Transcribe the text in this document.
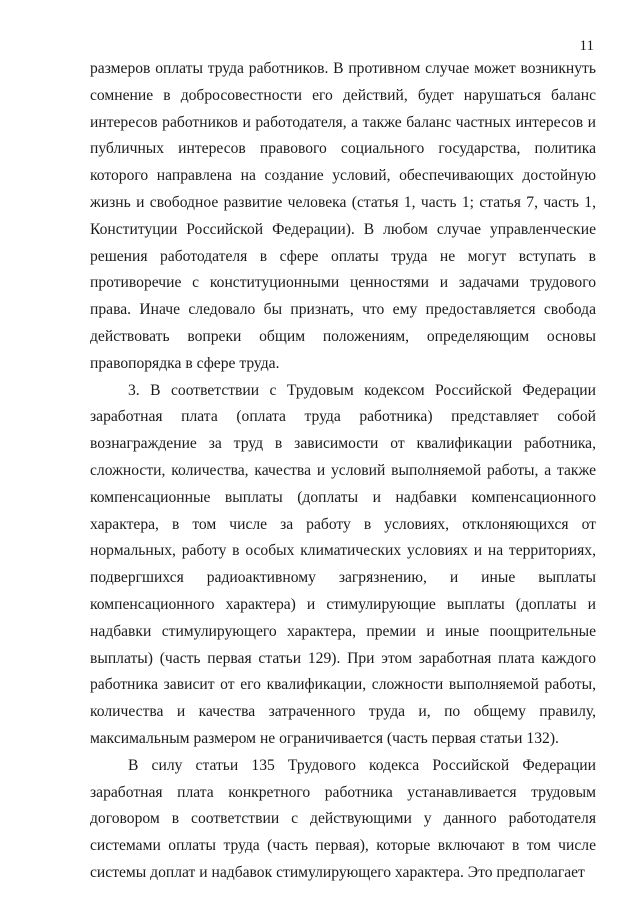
11

размеров оплаты труда работников. В противном случае может возникнуть сомнение в добросовестности его действий, будет нарушаться баланс интересов работников и работодателя, а также баланс частных интересов и публичных интересов правового социального государства, политика которого направлена на создание условий, обеспечивающих достойную жизнь и свободное развитие человека (статья 1, часть 1; статья 7, часть 1, Конституции Российской Федерации). В любом случае управленческие решения работодателя в сфере оплаты труда не могут вступать в противоречие с конституционными ценностями и задачами трудового права. Иначе следовало бы признать, что ему предоставляется свобода действовать вопреки общим положениям, определяющим основы правопорядка в сфере труда.

3. В соответствии с Трудовым кодексом Российской Федерации заработная плата (оплата труда работника) представляет собой вознаграждение за труд в зависимости от квалификации работника, сложности, количества, качества и условий выполняемой работы, а также компенсационные выплаты (доплаты и надбавки компенсационного характера, в том числе за работу в условиях, отклоняющихся от нормальных, работу в особых климатических условиях и на территориях, подвергшихся радиоактивному загрязнению, и иные выплаты компенсационного характера) и стимулирующие выплаты (доплаты и надбавки стимулирующего характера, премии и иные поощрительные выплаты) (часть первая статьи 129). При этом заработная плата каждого работника зависит от его квалификации, сложности выполняемой работы, количества и качества затраченного труда и, по общему правилу, максимальным размером не ограничивается (часть первая статьи 132).

В силу статьи 135 Трудового кодекса Российской Федерации заработная плата конкретного работника устанавливается трудовым договором в соответствии с действующими у данного работодателя системами оплаты труда (часть первая), которые включают в том числе системы доплат и надбавок стимулирующего характера. Это предполагает
